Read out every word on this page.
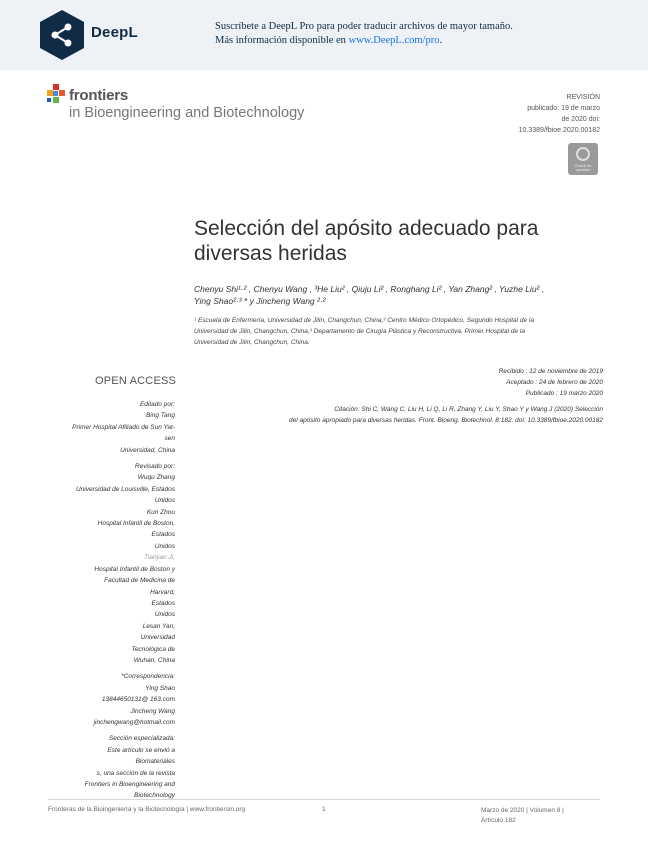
DeepL	Suscríbete a DeepL Pro para poder traducir archivos de mayor tamaño.
Más información disponible en www.DeepL.com/pro.
frontiers
in Bioengineering and Biotechnology
REVISIÓN
publicado: 19 de marzo
de 2020 doi:
10.3389/fbioe.2020.00182
Check for updates
Selección del apósito adecuado para diversas heridas
Chenyu Shi¹·² , Chenyu Wang , ³He Liu² , Qiuju Li² , Ronghang Li² , Yan Zhang² , Yuzhe Liu² ,
Ying Shao²·³ * y Jincheng Wang ²·²
¹ Escuela de Enfermería, Universidad de Jilin, Changchun, China,² Centro Médico Ortopédico, Segundo Hospital de la
Universidad de Jilin, Changchun, China,³ Departamento de Cirugía Plástica y Reconstructiva, Primer Hospital de la
Universidad de Jilin, Changchun, China.
OPEN ACCESS
Recibido : 12 de noviembre de 2019
Aceptado : 24 de febrero de 2020
Publicado : 19 marzo 2020
Citación: Shi C, Wang C, Liu H, Li Q, Li R, Zhang Y, Liu Y, Shao Y y Wang J (2020) Selección
del apósito apropiado para diversas heridas. Front. Bioeng. Biotechnol. 8:182. doi: 10.3389/fbioe.2020.00182
Editado por:
Bing Tang
Primer Hospital Afiliado de Sun Yat-
sen
Universidad, China
Revisado por:
Wuqu Zhang
Universidad de Louisville, Estados
Unidos
Kun Zhou
Hospital Infantil de Boston,
Estados
Unidos
Tianjiao Ji,
Hospital Infantil de Boston y
Facultad de Medicina de
Harvard,
Estados
Unidos
Lesan Yan,
Universidad
Tecnológica de
Wuhan, China
*Correspondencia:
Ying Shao
13844650131@ 163.com
Jincheng Wang
jinchengwang@hotmail.com
Sección especializada:
Este artículo se envió a
Biomateriales
s, una sección de la revista
Frontiers in Bioengineering and
Biotechnology
Fronteras de la Bioingeniería y la Biotecnología | www.frontiersin.org	1	Marzo de 2020 | Volumen 8 |
Artículo 182
